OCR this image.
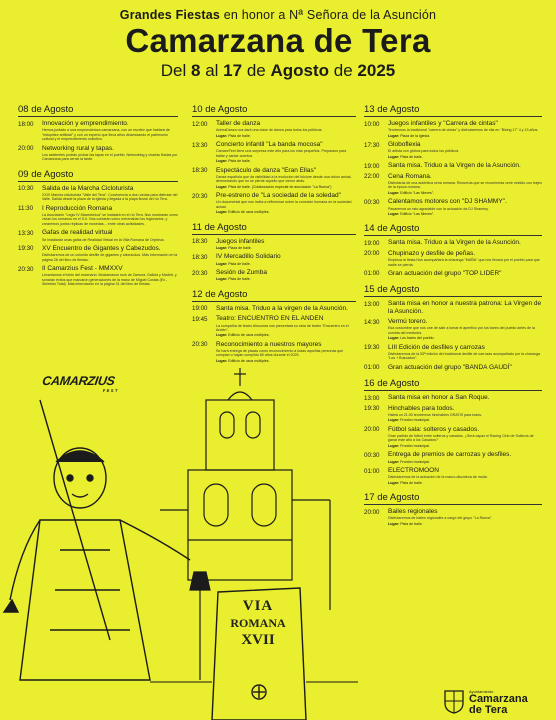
Grandes Fiestas en honor a Nª Señora de la Asunción
Camarzana de Tera
Del 8 al 17 de Agosto de 2025
08 de Agosto
18:00	Innovación y emprendimiento.
Hemos juntado a una emprendedora camarzana, con un escritor que hablará de "estupidez artificial" y con un experto que lleva años dinamizando el patrimonio cultural y el emprendimiento colectivo.
20:00	Networking rural y tapas.
Los asistentes podrán probar las tapas en el pueblo. Networking y charlas fluidas por Camarzana para cerrar la tarde.
09 de Agosto
10:30	Salida de la Marcha Cicloturista
XXIX Marcha cicloturista "Valle del Tera". Convivencia a dos ruedas para disfrutar del Valle. Salida desde la plaza de la iglesia y llegada a la playa fluvial del río Tera.
11:30	I Reproducción Romana
La Asociación "Legio IV Macedónica" se instalará en el río Tera. Nos mostrarán como vivían los romanos en el S.II. Nos contarán cómo entrenaban los legionarios, y crearemos juntos réplicas de monedas... entre otras actividades.
13:30	Gafas de realidad virtual
Se instalarán unas gafas de Realidad Virtual en la Villa Romana de Orpheus.
19:30	XV Encuentro de Gigantes y Cabezudos.
Disfrutaremos de un colorido desfile de gigantes y cabezudos. Más información en la página 28 del libro de fiestas.
20:30	II Camarzius Fest - MMXXV
Levantamos el telón del escenario: Muslamanos rock de Zamora, Galicia y Madrid, y sonarán éxitos que marcaron generaciones de la mano de Miguel Costas (Ex - Siniestro Total). Más información en la página 31 del libro de fiestas.
10 de Agosto
12:00	Taller de danza
AnimaDanza nos dará una clase de danza para todos los públicos.
Lugar: Pista de baile.
13:30	Concierto infantil "La banda mocosa"
CamarzFest tiene una sorpresa este año para los más pequeños. Preparaos para bailar y cantar cuentos.
Lugar: Pista de baile.
18:30	Espectáculo de danza "Eran Ellas"
Danza española que da visibilidad a la evolución del folclore desde una visión actual, demostrando que no se pierde aquello que vieron atrás.
Lugar: Pista de baile. (Colaboración especial de asociación "La Rueca")
20:30	Pre-estreno de "La sociedad de la soledad"
Un documental que nos invita a reflexionar sobre la conexión humana en la sociedad actual.
Lugar: Edificio de usos múltiples.
11 de Agosto
18:30	Juegos infantiles
Lugar: Plaza de baile.
18:30	IV Mercadillo Solidario
Lugar: Pista de baile.
20:30	Sesión de Zumba
Lugar: Pista de baile.
12 de Agosto
19:00	Santa misa. Triduo a la virgen de la Asunción.
19:45	Teatro: ENCUENTRO EN EL ANDEN
La compañía de teatro Almuzara nos presentará su obra de teatro "Encuentro en el Andén".
Lugar: Edificio de usos múltiples.
20:30	Reconocimiento a nuestros mayores
Se hará entrega de placas como reconocimiento a todas aquellas personas que cumplan o hayan cumplido 85 años durante el 2025.
Lugar: Edificio de usos múltiples.
13 de Agosto
10:00	Juegos infantiles y "Carrera de cintas"
Tendremos la tradicional "carrera de cintas" y disfrutaremos de ella en "Bicing 17" 4 y 13 años.
Lugar: Plaza de la iglesia.
17:30	Globoflexia
El artista con globos para todos los públicos.
Lugar: Pista de baile.
19:00	Santa misa. Triduo a la Virgen de la Asunción.
22:00	Cena Romana.
Disfrutarás de una auténtica cena romana. Recuerda que se recomienda venir vestido con trajes de la época romana.
Lugar: Edificio "Las Nieves".
00:30	Calentamos motores con "DJ SHAMMY".
Pasaremos un rato agradable con la actuación de DJ Shammy.
Lugar: Edificio "Las Nieves".
14 de Agosto
19:00	Santa misa. Triduo a la Virgen de la Asunción.
20:00	Chupinazo y desfile de peñas.
Empieza la fiesta.Nos acompañará la charanga "MAÑA" que nos llevará por el pueblo para que nadie se pierda.
01:00	Gran actuación del grupo "TOP LIDER"
15 de Agosto
13:00	Santa misa en honor a nuestra patrona: La Virgen de la Asunción.
14:30	Vermú torero.
Esa costumbre que nos une de salir a tomar el aperitivo por los bares del pueblo antes de la comida del mediodía.
Lugar: Los bares del pueblo.
19:30	LIII Edición de desfiles y carrozas
Disfrutaremos de la 53ª edición del tradicional desfile de carrozas acompañado por la charanga "Los + Buscados".
01:00	Gran actuación del grupo "BANDA GAUDÍ"
16 de Agosto
13:00	Santa misa en honor a San Roque.
19:30	Hinchables para todos.
Habrá un 21:30 tendremos hinchables GRATIS para todos.
Lugar: Frontón municipal.
20:00	Fútbol sala: solteros y casados.
Gran partido de fútbol entre solteros y casados. ¿Será capaz el Racing Club de Solteros de ganar este año a los Casados?
Lugar: Frontón municipal.
00:30	Entrega de premios de carrozas y desfiles.
Lugar: Frontón municipal.
01:00	ELECTROMOON
Disfrutaremos de la actuación de la macro-discoteca de moda.
Lugar: Pista de baile.
17 de Agosto
20:00	Bailes regionales
Disfrutaremos de bailes regionales a cargo del grupo "La Rueca".
Lugar: Pista de baile.
CAMARZIUS
FEST
VIA
ROMANA
XVII
Ayuntamiento
Camarzana
de Tera
